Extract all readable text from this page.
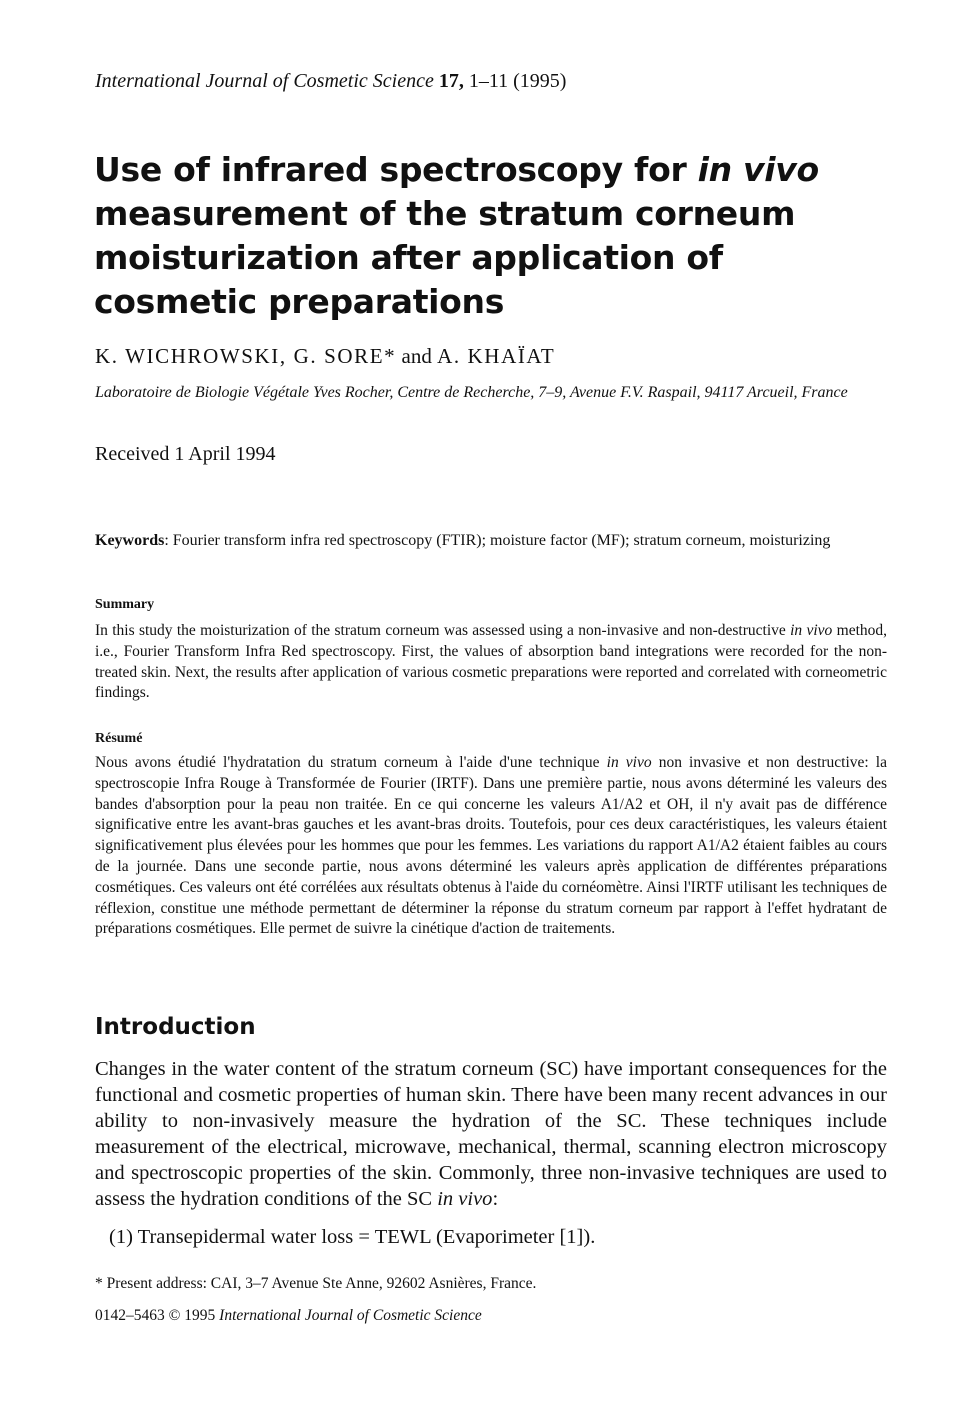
International Journal of Cosmetic Science 17, 1–11 (1995)
Use of infrared spectroscopy for in vivo measurement of the stratum corneum moisturization after application of cosmetic preparations
K. WICHROWSKI, G. SORE* and A. KHAÏAT
Laboratoire de Biologie Végétale Yves Rocher, Centre de Recherche, 7–9, Avenue F.V. Raspail, 94117 Arcueil, France
Received 1 April 1994
Keywords: Fourier transform infra red spectroscopy (FTIR); moisture factor (MF); stratum corneum, moisturizing
Summary
In this study the moisturization of the stratum corneum was assessed using a non-invasive and non-destructive in vivo method, i.e., Fourier Transform Infra Red spectroscopy. First, the values of absorption band integrations were recorded for the non-treated skin. Next, the results after application of various cosmetic preparations were reported and correlated with corneometric findings.
Résumé
Nous avons étudié l'hydratation du stratum corneum à l'aide d'une technique in vivo non invasive et non destructive: la spectroscopie Infra Rouge à Transformée de Fourier (IRTF). Dans une première partie, nous avons déterminé les valeurs des bandes d'absorption pour la peau non traitée. En ce qui concerne les valeurs A1/A2 et OH, il n'y avait pas de différence significative entre les avant-bras gauches et les avant-bras droits. Toutefois, pour ces deux caractéristiques, les valeurs étaient significativement plus élevées pour les hommes que pour les femmes. Les variations du rapport A1/A2 étaient faibles au cours de la journée. Dans une seconde partie, nous avons déterminé les valeurs après application de différentes préparations cosmétiques. Ces valeurs ont été corrélées aux résultats obtenus à l'aide du cornéomètre. Ainsi l'IRTF utilisant les techniques de réflexion, constitue une méthode permettant de déterminer la réponse du stratum corneum par rapport à l'effet hydratant de préparations cosmétiques. Elle permet de suivre la cinétique d'action de traitements.
Introduction
Changes in the water content of the stratum corneum (SC) have important consequences for the functional and cosmetic properties of human skin. There have been many recent advances in our ability to non-invasively measure the hydration of the SC. These techniques include measurement of the electrical, microwave, mechanical, thermal, scanning electron microscopy and spectroscopic properties of the skin. Commonly, three non-invasive techniques are used to assess the hydration conditions of the SC in vivo:
(1) Transepidermal water loss = TEWL (Evaporimeter [1]).
* Present address: CAI, 3–7 Avenue Ste Anne, 92602 Asnières, France.
0142–5463 © 1995 International Journal of Cosmetic Science
